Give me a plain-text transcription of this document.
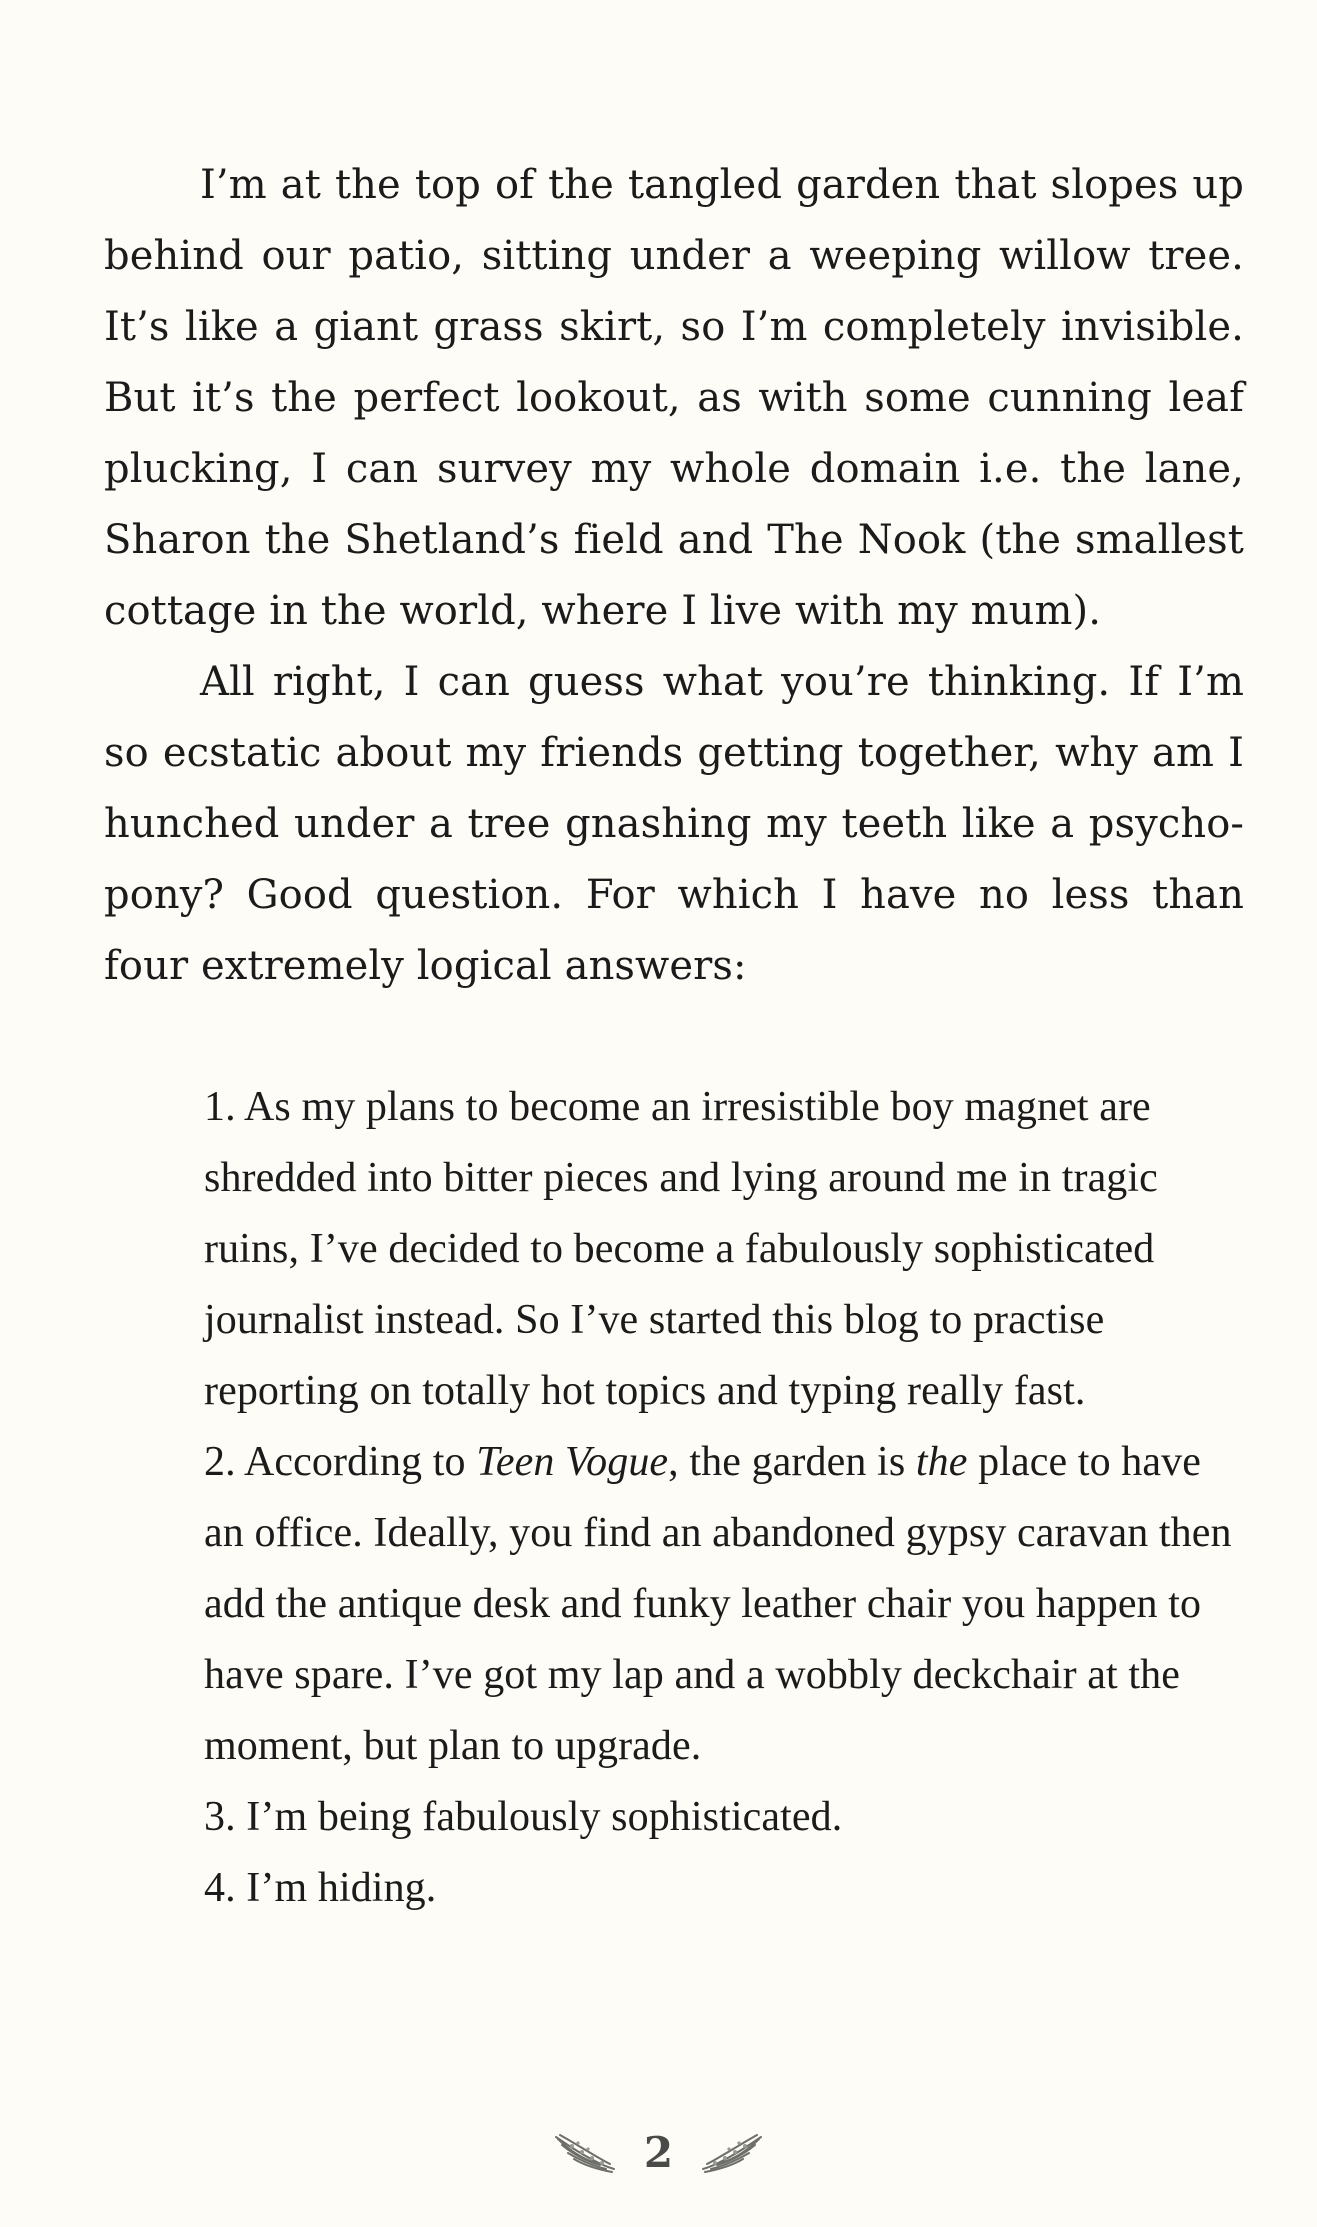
I’m at the top of the tangled garden that slopes up behind our patio, sitting under a weeping willow tree. It’s like a giant grass skirt, so I’m completely invisible. But it’s the perfect lookout, as with some cunning leaf plucking, I can survey my whole domain i.e. the lane, Sharon the Shetland’s field and The Nook (the smallest cottage in the world, where I live with my mum).

All right, I can guess what you’re thinking. If I’m so ecstatic about my friends getting together, why am I hunched under a tree gnashing my teeth like a psycho-pony? Good question. For which I have no less than four extremely logical answers:

1. As my plans to become an irresistible boy magnet are shredded into bitter pieces and lying around me in tragic ruins, I’ve decided to become a fabulously sophisticated journalist instead. So I’ve started this blog to practise reporting on totally hot topics and typing really fast.
2. According to Teen Vogue, the garden is the place to have an office. Ideally, you find an abandoned gypsy caravan then add the antique desk and funky leather chair you happen to have spare. I’ve got my lap and a wobbly deckchair at the moment, but plan to upgrade.
3. I’m being fabulously sophisticated.
4. I’m hiding.
2
